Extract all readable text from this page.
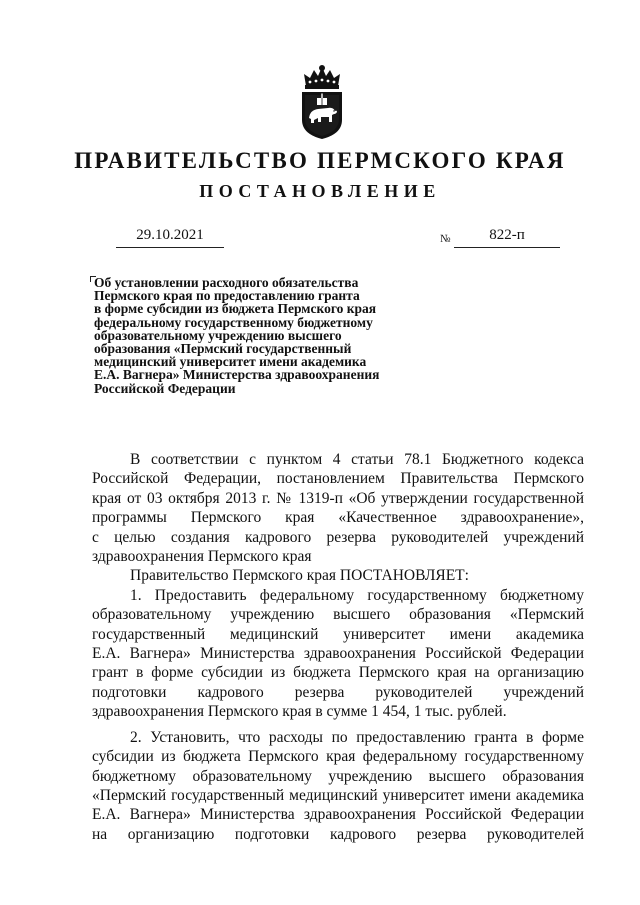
ПРАВИТЕЛЬСТВО ПЕРМСКОГО КРАЯ
ПОСТАНОВЛЕНИЕ
29.10.2021	№	822-п
Об установлении расходного обязательства
Пермского края по предоставлению гранта
в форме субсидии из бюджета Пермского края
федеральному государственному бюджетному
образовательному учреждению высшего
образования «Пермский государственный
медицинский университет имени академика
Е.А. Вагнера» Министерства здравоохранения
Российской Федерации

В соответствии с пунктом 4 статьи 78.1 Бюджетного кодекса

Российской Федерации, постановлением Правительства Пермского

края от 03 октября 2013 г. № 1319-п «Об утверждении государственной

программы Пермского края «Качественное здравоохранение»,

с целью создания кадрового резерва руководителей учреждений

здравоохранения Пермского края

Правительство Пермского края ПОСТАНОВЛЯЕТ:

1. Предоставить федеральному государственному бюджетному

образовательному учреждению высшего образования «Пермский

государственный медицинский университет имени академика

Е.А. Вагнера» Министерства здравоохранения Российской Федерации

грант в форме субсидии из бюджета Пермского края на организацию

подготовки кадрового резерва руководителей учреждений

здравоохранения Пермского края в сумме 1 454, 1 тыс. рублей.

2. Установить, что расходы по предоставлению гранта в форме

субсидии из бюджета Пермского края федеральному государственному

бюджетному образовательному учреждению высшего образования

«Пермский государственный медицинский университет имени академика

Е.А. Вагнера» Министерства здравоохранения Российской Федерации

на организацию подготовки кадрового резерва руководителей
